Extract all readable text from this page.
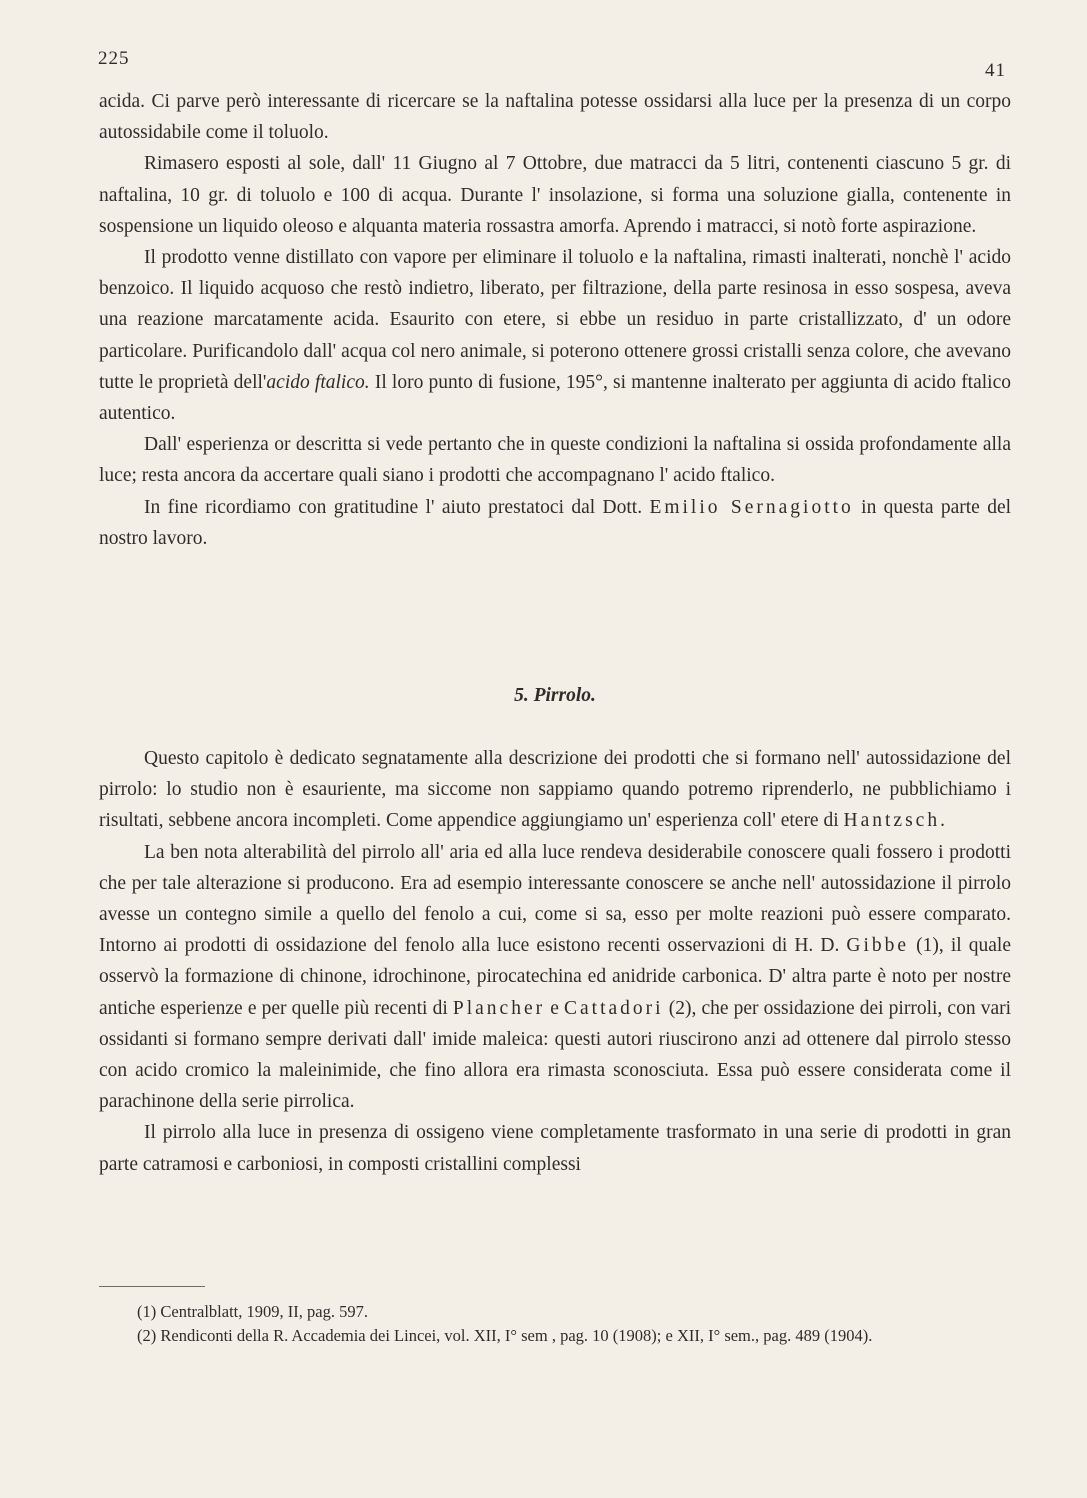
225
41

acida. Ci parve però interessante di ricercare se la naftalina potesse ossidarsi alla luce per la presenza di un corpo autossidabile come il toluolo.

Rimasero esposti al sole, dall' 11 Giugno al 7 Ottobre, due matracci da 5 litri, contenenti ciascuno 5 gr. di naftalina, 10 gr. di toluolo e 100 di acqua. Durante l' insolazione, si forma una soluzione gialla, contenente in sospensione un liquido oleoso e alquanta materia rossastra amorfa. Aprendo i matracci, si notò forte aspirazione.

Il prodotto venne distillato con vapore per eliminare il toluolo e la naftalina, rimasti inalterati, nonchè l' acido benzoico. Il liquido acquoso che restò indietro, liberato, per filtrazione, della parte resinosa in esso sospesa, aveva una reazione marcatamente acida. Esaurito con etere, si ebbe un residuo in parte cristallizzato, d' un odore particolare. Purificandolo dall' acqua col nero animale, si poterono ottenere grossi cristalli senza colore, che avevano tutte le proprietà dell'acido ftalico. Il loro punto di fusione, 195°, si mantenne inalterato per aggiunta di acido ftalico autentico.

Dall' esperienza or descritta si vede pertanto che in queste condizioni la naftalina si ossida profondamente alla luce; resta ancora da accertare quali siano i prodotti che accompagnano l' acido ftalico.

In fine ricordiamo con gratitudine l' aiuto prestatoci dal Dott. Emilio Sernagiotto in questa parte del nostro lavoro.

5. Pirrolo.

Questo capitolo è dedicato segnatamente alla descrizione dei prodotti che si formano nell' autossidazione del pirrolo: lo studio non è esauriente, ma siccome non sappiamo quando potremo riprenderlo, ne pubblichiamo i risultati, sebbene ancora incompleti. Come appendice aggiungiamo un' esperienza coll' etere di Hantzsch.

La ben nota alterabilità del pirrolo all' aria ed alla luce rendeva desiderabile conoscere quali fossero i prodotti che per tale alterazione si producono. Era ad esempio interessante conoscere se anche nell' autossidazione il pirrolo avesse un contegno simile a quello del fenolo a cui, come si sa, esso per molte reazioni può essere comparato. Intorno ai prodotti di ossidazione del fenolo alla luce esistono recenti osservazioni di H. D. Gibbe (1), il quale osservò la formazione di chinone, idrochinone, pirocatechina ed anidride carbonica. D' altra parte è noto per nostre antiche esperienze e per quelle più recenti di Plancher e Cattadori (2), che per ossidazione dei pirroli, con vari ossidanti si formano sempre derivati dall' imide maleica: questi autori riuscirono anzi ad ottenere dal pirrolo stesso con acido cromico la maleinimide, che fino allora era rimasta sconosciuta. Essa può essere considerata come il parachinone della serie pirrolica.

Il pirrolo alla luce in presenza di ossigeno viene completamente trasformato in una serie di prodotti in gran parte catramosi e carboniosi, in composti cristallini complessi

(1) Centralblatt, 1909, II, pag. 597.

(2) Rendiconti della R. Accademia dei Lincei, vol. XII, I° sem , pag. 10 (1908); e XII, I° sem., pag. 489 (1904).
